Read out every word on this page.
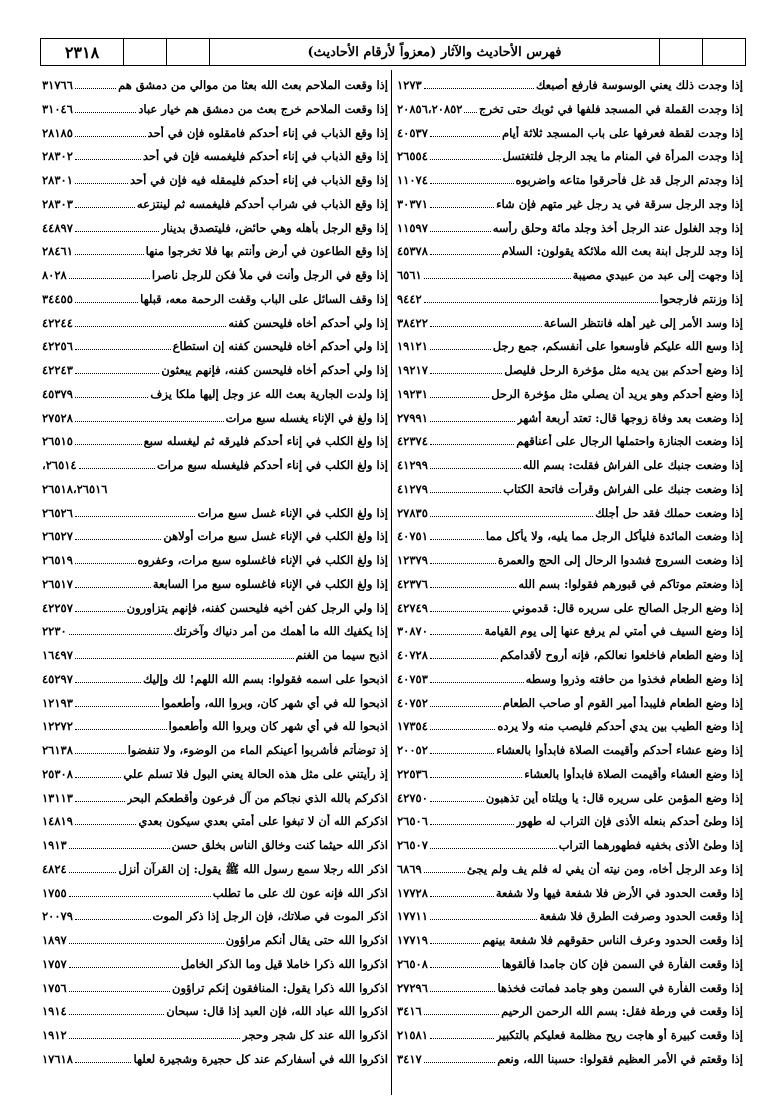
٢٣١٨	فهرس الأحاديث والآثار (معزواً لأرقام الأحاديث)
إذا وجدت ذلك يعني الوسوسة فارفع أصبعك
١٢٧٣
إذا وجدت القملة في المسجد فلفها في ثوبك حتى تخرج
٢٠٨٥٦،٢٠٨٥٢
إذا وجدت لقطة فعرفها على باب المسجد ثلاثة أيام
٤٠٥٣٧
إذا وجدت المرأة في المنام ما يجد الرجل فلتغتسل
٢٦٥٥٤
إذا وجدتم الرجل قد غل فأحرقوا متاعه واضربوه
١١٠٧٤
إذا وجد الرجل سرقة في يد رجل غير متهم فإن شاء
٣٠٣٧١
إذا وجد الغلول عند الرجل أخذ وجلد مائة وحلق رأسه
١١٥٩٧
إذا وجد للرجل ابنة بعث الله ملائكة يقولون: السلام
٤٥٣٧٨
إذا وجهت إلى عبد من عبيدي مصيبة
٦٥٦١
إذا وزنتم فارجحوا
٩٤٤٢
إذا وسد الأمر إلى غير أهله فانتظر الساعة
٣٨٤٢٢
إذا وسع الله عليكم فأوسعوا على أنفسكم، جمع رجل
١٩١٢١
إذا وضع أحدكم بين يديه مثل مؤخرة الرحل فليصل
١٩٢١٧
إذا وضع أحدكم وهو يريد أن يصلي مثل مؤخرة الرحل
١٩٢٣١
إذا وضعت بعد وفاة زوجها قال: تعتد أربعة أشهر
٢٧٩٩١
إذا وضعت الجنازة واحتملها الرجال على أعناقهم
٤٢٣٧٤
إذا وضعت جنبك على الفراش فقلت: بسم الله
٤١٢٩٩
إذا وضعت جنبك على الفراش وقرأت فاتحة الكتاب
٤١٢٧٩
إذا وضعت حملك فقد حل أجلك
٢٧٨٣٥
إذا وضعت المائدة فليأكل الرجل مما يليه، ولا يأكل مما
٤٠٧٥١
إذا وضعت السروج فشدوا الرحال إلى الحج والعمرة
١٢٣٧٩
إذا وضعتم موتاكم في قبورهم فقولوا: بسم الله
٤٢٣٧٦
إذا وضع الرجل الصالح على سريره قال: قدموني
٤٢٧٤٩
إذا وضع السيف في أمتي لم يرفع عنها إلى يوم القيامة
٣٠٨٧٠
إذا وضع الطعام فاخلعوا نعالكم، فإنه أروح لأقدامكم
٤٠٧٢٨
إذا وضع الطعام فخذوا من حافته وذروا وسطه
٤٠٧٥٣
إذا وضع الطعام فليبدأ أمير القوم أو صاحب الطعام
٤٠٧٥٢
إذا وضع الطيب بين يدي أحدكم فليصب منه ولا يرده
١٧٣٥٤
إذا وضع عشاء أحدكم وأقيمت الصلاة فابدأوا بالعشاء
٢٠٠٥٢
إذا وضع العشاء وأقيمت الصلاة فابدأوا بالعشاء
٢٢٥٣٦
إذا وضع المؤمن على سريره قال: يا ويلتاه أين تذهبون
٤٢٧٥٠
إذا وطئ أحدكم بنعله الأذى فإن التراب له طهور
٢٦٥٠٦
إذا وطئ الأذى بخفيه فطهورهما التراب
٢٦٥٠٧
إذا وعد الرجل أخاه، ومن نيته أن يفي له فلم يف ولم يجئ
٦٨٦٩
إذا وقعت الحدود في الأرض فلا شفعة فيها ولا شفعة
١٧٧٢٨
إذا وقعت الحدود وصرفت الطرق فلا شفعة
١٧٧١١
إذا وقعت الحدود وعرف الناس حقوقهم فلا شفعة بينهم
١٧٧١٩
إذا وقعت الفأرة في السمن فإن كان جامدا فألقوها
٢٦٥٠٨
إذا وقعت الفأرة في السمن وهو جامد فماتت فخذها
٢٧٢٩٦
إذا وقعت في ورطة فقل: بسم الله الرحمن الرحيم
٣٤١٦
إذا وقعت كبيرة أو هاجت ريح مظلمة فعليكم بالتكبير
٢١٥٨١
إذا وقعتم في الأمر العظيم فقولوا: حسبنا الله، ونعم
٣٤١٧
إذا وقعت الملاحم بعث الله بعثا من موالي من دمشق هم
٣١٧٦٦
إذا وقعت الملاحم خرج بعث من دمشق هم خيار عباد
٣١٠٤٦
إذا وقع الذباب في إناء أحدكم فامقلوه فإن في أحد
٢٨١٨٥
إذا وقع الذباب في إناء أحدكم فليغمسه فإن في أحد
٢٨٣٠٢
إذا وقع الذباب في إناء أحدكم فليمقله فيه فإن في أحد
٢٨٣٠١
إذا وقع الذباب في شراب أحدكم فليغمسه ثم لينتزعه
٢٨٣٠٣
إذا وقع الرجل بأهله وهي حائض، فليتصدق بدينار
٤٤٨٩٧
إذا وقع الطاعون في أرض وأنتم بها فلا تخرجوا منها
٢٨٤٦١
إذا وقع في الرجل وأنت في ملأ فكن للرجل ناصرا
٨٠٢٨
إذا وقف السائل على الباب وقفت الرحمة معه، قبلها
٣٤٤٥٥
إذا ولي أحدكم أخاه فليحسن كفنه
٤٢٢٤٤
إذا ولي أحدكم أخاه فليحسن كفنه إن استطاع
٤٢٢٥٦
إذا ولي أحدكم أخاه فليحسن كفنه، فإنهم يبعثون
٤٢٢٤٣
إذا ولدت الجارية بعث الله عز وجل إليها ملكا يزف
٤٥٣٧٩
إذا ولغ في الإناء يغسله سبع مرات
٢٧٥٢٨
إذا ولغ الكلب في إناء أحدكم فليرقه ثم ليغسله سبع
٢٦٥١٥
إذا ولغ الكلب في إناء أحدكم فليغسله سبع مرات
٢٦٥١٤،
٢٦٥١٨،٢٦٥١٦
إذا ولغ الكلب في الإناء غسل سبع مرات
٢٦٥٢٦
إذا ولغ الكلب في الإناء غسل سبع مرات أولاهن
٢٦٥٢٧
إذا ولغ الكلب في الإناء فاغسلوه سبع مرات، وعفروه
٢٦٥١٩
إذا ولغ الكلب في الإناء فاغسلوه سبع مرا السابعة
٢٦٥١٧
إذا ولي الرجل كفن أخيه فليحسن كفنه، فإنهم يتزاورون
٤٢٢٥٧
إذا يكفيك الله ما أهمك من أمر دنياك وآخرتك
٢٢٣٠
اذبح سيما من الغنم
١٦٤٩٧
اذبحوا على اسمه فقولوا: بسم الله اللهم! لك وإليك
٤٥٢٩٧
اذبحوا لله في أي شهر كان، وبروا الله، وأطعموا
١٢١٩٣
اذبحوا لله في أي شهر كان وبروا الله وأطعموا
١٢٢٧٢
إذ توضأتم فأشربوا أعينكم الماء من الوضوء، ولا تنفضوا
٢٦١٣٨
إذ رأيتني على مثل هذه الحالة يعني البول فلا تسلم علي
٢٥٣٠٨
اذكركم بالله الذي نجاكم من آل فرعون وأقطعكم البحر
١٣١١٣
اذكركم الله أن لا تبغوا على أمتي بعدي سيكون بعدي
١٤٨١٩
اذكر الله حيثما كنت وخالق الناس بخلق حسن
١٩١٣
اذكر الله رجلا سمع رسول الله ﷺ يقول: إن القرآن أنزل
٤٨٢٤
اذكر الله فإنه عون لك على ما تطلب
١٧٥٥
اذكر الموت في صلاتك، فإن الرجل إذا ذكر الموت
٢٠٠٧٩
اذكروا الله حتى يقال أنكم مراؤون
١٨٩٧
اذكروا الله ذكرا خاملا قيل وما الذكر الخامل
١٧٥٧
اذكروا الله ذكرا يقول: المنافقون إنكم تراؤون
١٧٥٦
اذكروا الله عباد الله، فإن العبد إذا قال: سبحان
١٩١٤
اذكروا الله عند كل شجر وحجر
١٩١٢
اذكروا الله في أسفاركم عند كل حجيرة وشجيرة لعلها
١٧٦١٨
